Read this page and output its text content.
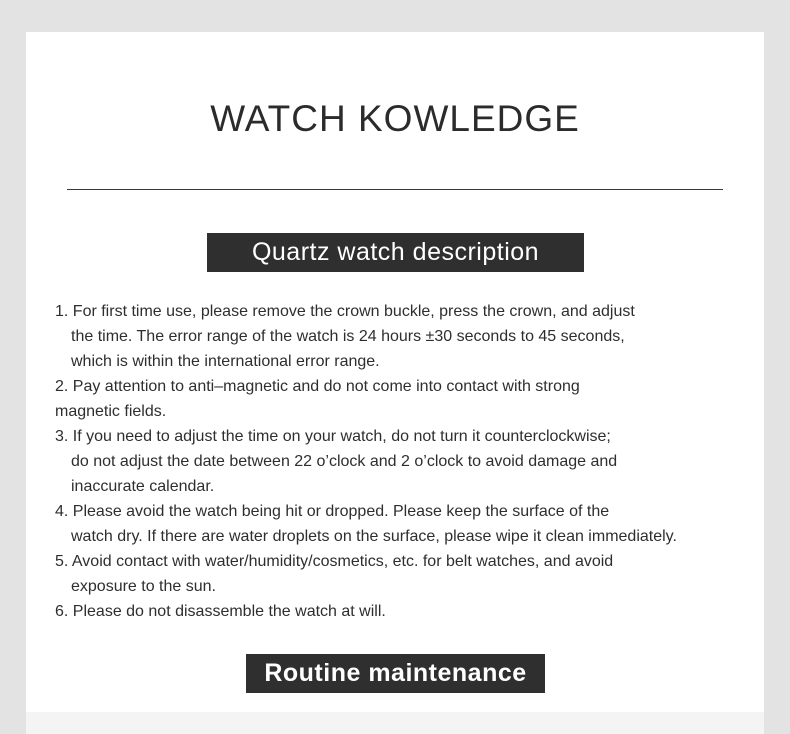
WATCH KOWLEDGE
Quartz watch description
1. For first time use, please remove the crown buckle, press the crown, and adjust
the time. The error range of the watch is 24 hours ±30 seconds to 45 seconds,
which is within the international error range.
2. Pay attention to anti–magnetic and do not come into contact with strong
magnetic fields.
3. If you need to adjust the time on your watch, do not turn it counterclockwise;
do not adjust the date between 22 o’clock and 2 o’clock to avoid damage and
inaccurate calendar.
4. Please avoid the watch being hit or dropped. Please keep the surface of the
watch dry. If there are water droplets on the surface, please wipe it clean immediately.
5. Avoid contact with water/humidity/cosmetics, etc. for belt watches, and avoid
exposure to the sun.
6. Please do not disassemble the watch at will.
Routine maintenance
